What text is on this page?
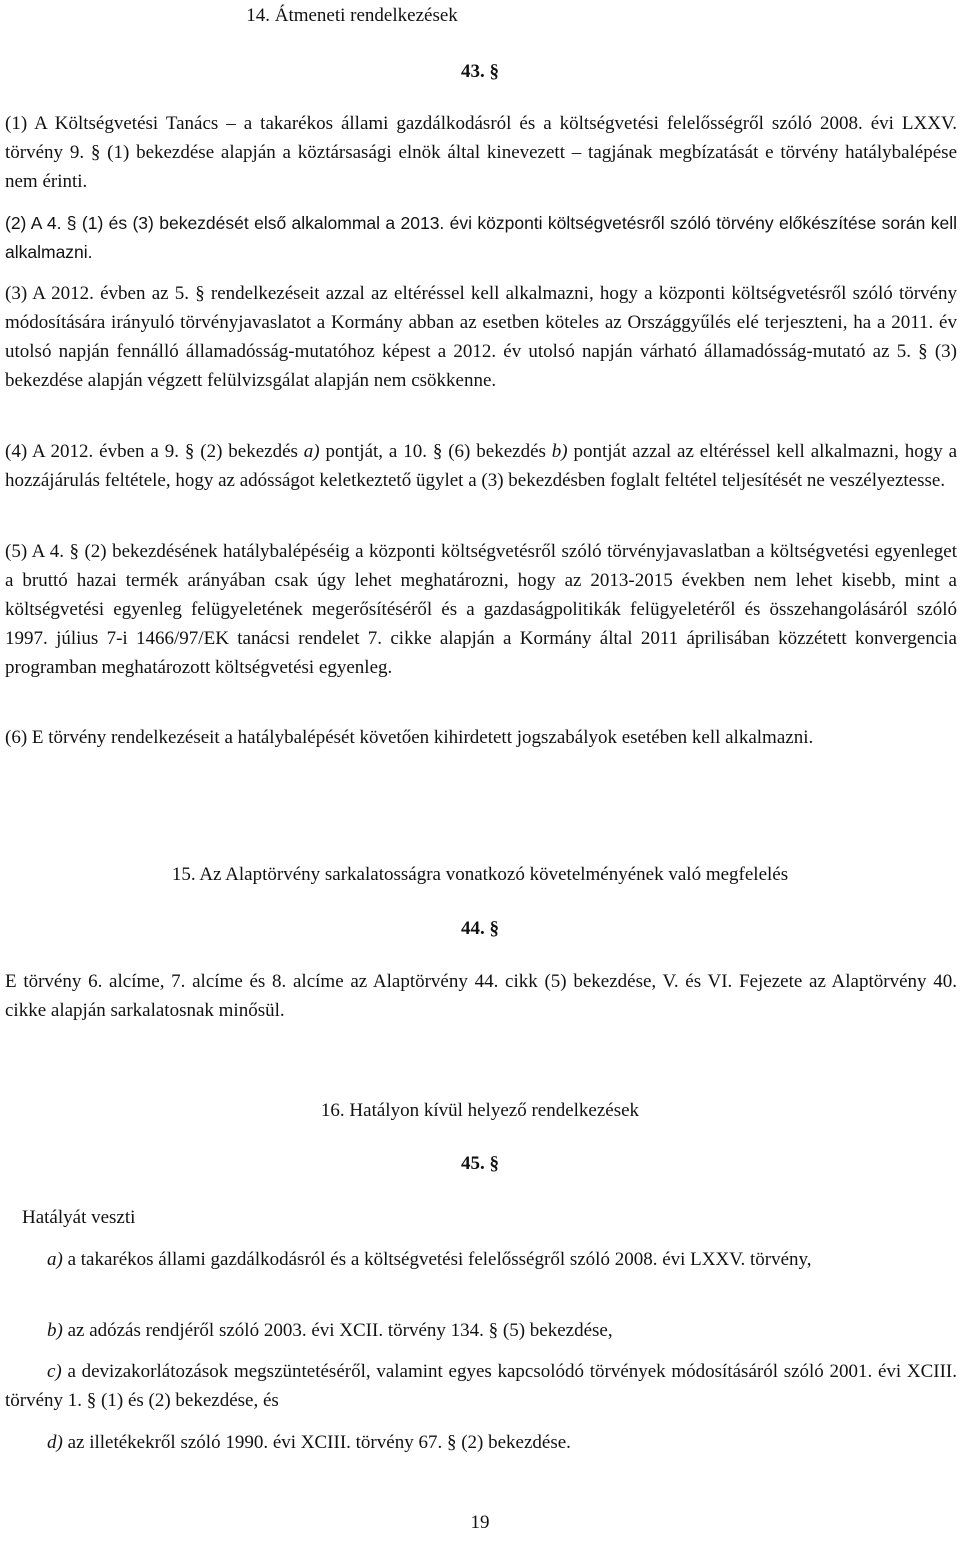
14. Átmeneti rendelkezések

43. §

(1) A Költségvetési Tanács – a takarékos állami gazdálkodásról és a költségvetési felelősségről szóló 2008. évi LXXV. törvény 9. § (1) bekezdése alapján a köztársasági elnök által kinevezett – tagjának megbízatását e törvény hatálybalépése nem érinti.

(2) A 4. § (1) és (3) bekezdését első alkalommal a 2013. évi központi költségvetésről szóló törvény előkészítése során kell alkalmazni.

(3) A 2012. évben az 5. § rendelkezéseit azzal az eltéréssel kell alkalmazni, hogy a központi költségvetésről szóló törvény módosítására irányuló törvényjavaslatot a Kormány abban az esetben köteles az Országgyűlés elé terjeszteni, ha a 2011. év utolsó napján fennálló államadósság-mutatóhoz képest a 2012. év utolsó napján várható államadósság-mutató az 5. § (3) bekezdése alapján végzett felülvizsgálat alapján nem csökkenne.

(4) A 2012. évben a 9. § (2) bekezdés a) pontját, a 10. § (6) bekezdés b) pontját azzal az eltéréssel kell alkalmazni, hogy a hozzájárulás feltétele, hogy az adósságot keletkeztető ügylet a (3) bekezdésben foglalt feltétel teljesítését ne veszélyeztesse.

(5) A 4. § (2) bekezdésének hatálybalépéséig a központi költségvetésről szóló törvényjavaslatban a költségvetési egyenleget a bruttó hazai termék arányában csak úgy lehet meghatározni, hogy az 2013-2015 években nem lehet kisebb, mint a költségvetési egyenleg felügyeletének megerősítéséről és a gazdaságpolitikák felügyeletéről és összehangolásáról szóló 1997. július 7-i 1466/97/EK tanácsi rendelet 7. cikke alapján a Kormány által 2011 áprilisában közzétett konvergencia programban meghatározott költségvetési egyenleg.

(6) E törvény rendelkezéseit a hatálybalépését követően kihirdetett jogszabályok esetében kell alkalmazni.

15. Az Alaptörvény sarkalatosságra vonatkozó követelményének való megfelelés

44. §

E törvény 6. alcíme, 7. alcíme és 8. alcíme az Alaptörvény 44. cikk (5) bekezdése, V. és VI. Fejezete az Alaptörvény 40. cikke alapján sarkalatosnak minősül.

16. Hatályon kívül helyező rendelkezések

45. §

Hatályát veszti

a) a takarékos állami gazdálkodásról és a költségvetési felelősségről szóló 2008. évi LXXV. törvény,

b) az adózás rendjéről szóló 2003. évi XCII. törvény 134. § (5) bekezdése,

c) a devizakorlátozások megszüntetéséről, valamint egyes kapcsolódó törvények módosításáról szóló 2001. évi XCIII. törvény 1. § (1) és (2) bekezdése, és

d) az illetékekről szóló 1990. évi XCIII. törvény 67. § (2) bekezdése.

19
